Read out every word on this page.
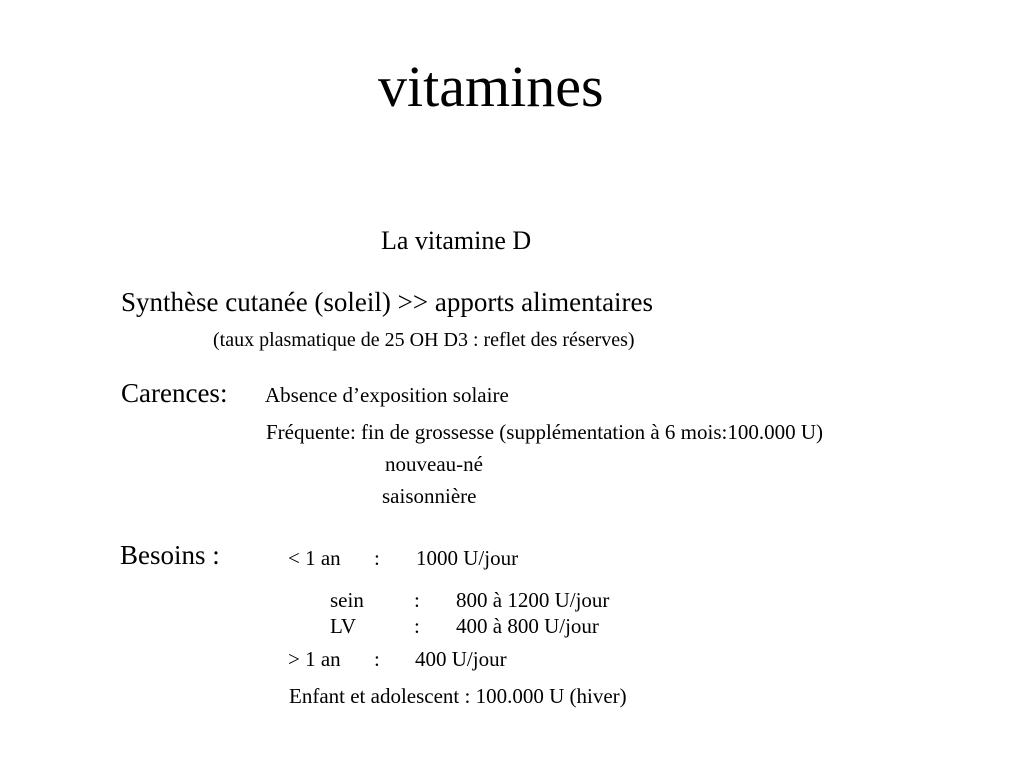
vitamines
La vitamine D
Synthèse cutanée (soleil) >> apports alimentaires
(taux plasmatique de 25 OH D3 : reflet des réserves)
Carences: Absence d’exposition solaire
Fréquente: fin de grossesse (supplémentation à 6 mois:100.000 U)
nouveau-né
saisonnière
Besoins :	< 1 an : 1000 U/jour
sein : 800 à 1200 U/jour
LV	: 400 à 800 U/jour
> 1 an : 400 U/jour
Enfant et adolescent : 100.000 U (hiver)
